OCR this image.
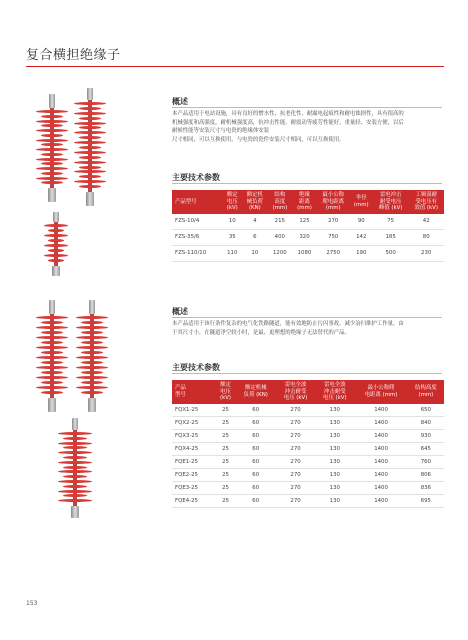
复合横担绝缘子
概述
本产品适用于电站设施，具有良好的憎水性、抗老化性、耐漏电起痕性和耐电蚀损性，具有很高的
机械强度和高强度，耐机械强度高，抗冲击性能、耐震动等疲劳性能好，重量轻、安装方便，以后
耐候性能等安装尺寸与电瓷的绝缘体安装
尺寸相同，可以互换使用，与电瓷的瓷件安装尺寸相同，可以互换使用。
主要技术参数
产品型号	额定
电压
(kV)	额定机
械负荷
(KN)	结构
高度
(mm)	绝缘
距离
(mm)	最小公称
爬电距离
(mm)	伞径
(mm)	雷电冲击
耐受电压
峰值 (kV)	工频湿耐
受电压有
效值 (kV)
FZS-10/4	10	4	215	125	270	90	75	42
FZS-35/6	35	6	400	320	750	142	185	80
FZS-110/10	110	10	1200	1080	2750	190	500	230
概述
本产品适用于该行条件复杂的电气化铁路隧道，能有效地防止污闪事故，减少冶扫维护工作量。由
于其尺寸小，在隧道净空较小时，是最、更理想的绝缘子无法替代的产品。
主要技术参数
产品
型号	额定
电压
(kV)	额定机械
负荷 (KN)	雷电全波
冲击耐受
电压 (kV)	雷电全波
冲击耐受
电压 (kV)	最小公称爬
电距离 (mm)	结构高度
(mm)
FQX1-25	25	60	270	130	1400	650
FQX2-25	25	60	270	130	1400	840
FQX3-25	25	60	270	130	1400	930
FQX4-25	25	60	270	130	1400	645
FQE1-25	25	60	270	130	1400	760
FQE2-25	25	60	270	130	1400	806
FQE3-25	25	60	270	130	1400	836
FQE4-25	25	60	270	130	1400	695
153
